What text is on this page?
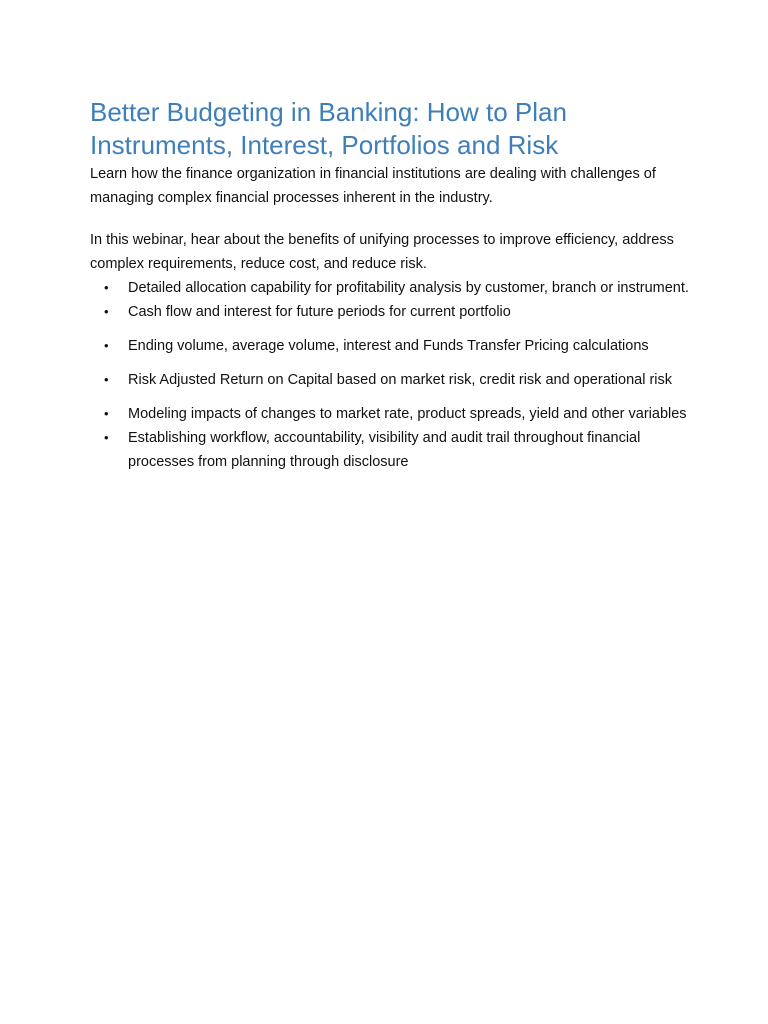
Better Budgeting in Banking: How to Plan Instruments, Interest, Portfolios and Risk

Learn how the finance organization in financial institutions are dealing with challenges of managing complex financial processes inherent in the industry.

In this webinar, hear about the benefits of unifying processes to improve efficiency, address complex requirements, reduce cost, and reduce risk.

• Detailed allocation capability for profitability analysis by customer, branch or instrument.
• Cash flow and interest for future periods for current portfolio
• Ending volume, average volume, interest and Funds Transfer Pricing calculations
• Risk Adjusted Return on Capital based on market risk, credit risk and operational risk
• Modeling impacts of changes to market rate, product spreads, yield and other variables
• Establishing workflow, accountability, visibility and audit trail throughout financial processes from planning through disclosure
